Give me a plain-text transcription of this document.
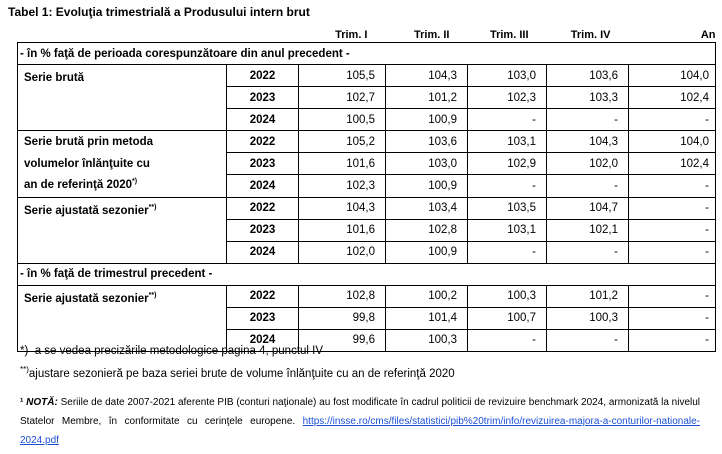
Tabel 1: Evoluţia trimestrială a Produsului intern brut
		Trim. I	Trim. II	Trim. III	Trim. IV	An
- în % faţă de perioada corespunzătoare din anul precedent -						
Serie brută	2022	105,5	104,3	103,0	103,6	104,0
	2023	102,7	101,2	102,3	103,3	102,4
	2024	100,5	100,9	-	-	-
Serie brută prin metoda
volumelor înlănţuite cu
an de referinţă 2020*)	2022	105,2	103,6	103,1	104,3	104,0
	2023	101,6	103,0	102,9	102,0	102,4
	2024	102,3	100,9	-	-	-
Serie ajustată sezonier**)	2022	104,3	103,4	103,5	104,7	-
	2023	101,6	102,8	103,1	102,1	-
	2024	102,0	100,9	-	-	-
- în % faţă de trimestrul precedent -						
Serie ajustată sezonier**)	2022	102,8	100,2	100,3	101,2	-
	2023	99,8	101,4	100,7	100,3	-
	2024	99,6	100,3	-	-	-
*) a se vedea precizările metodologice pagina 4, punctul IV
**)ajustare sezonieră pe baza seriei brute de volume înlănţuite cu an de referinţă 2020
¹ NOTĂ: Seriile de date 2007-2021 aferente PIB (conturi naţionale) au fost modificate în cadrul politicii de revizuire benchmark 2024, armonizată la nivelul Statelor Membre, în conformitate cu cerinţele europene. https://insse.ro/cms/files/statistici/pib%20trim/info/revizuirea-majora-a-conturilor-nationale-2024.pdf
